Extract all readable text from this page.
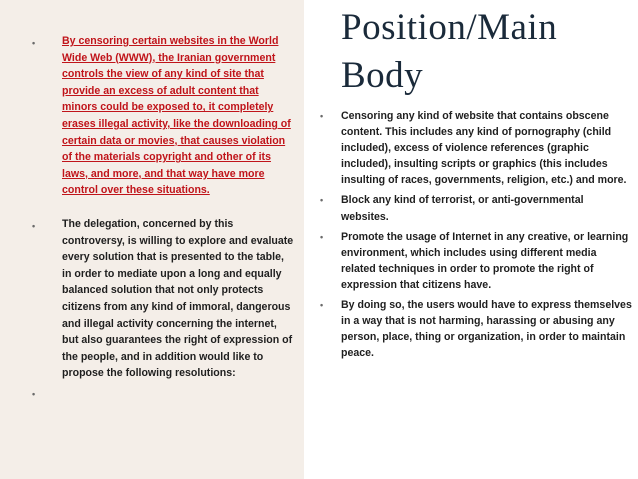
•	By censoring certain websites in the World Wide Web (WWW), the Iranian government controls the view of any kind of site that provide an excess of adult content that minors could be exposed to, it completely erases illegal activity, like the downloading of certain data or movies, that causes violation of the materials copyright and other of its laws, and more, and that way have more control over these situations.
•	The delegation, concerned by this controversy, is willing to explore and evaluate every solution that is presented to the table, in order to mediate upon a long and equally balanced solution that not only protects citizens from any kind of immoral, dangerous and illegal activity concerning the internet, but also guarantees the right of expression of the people, and in addition would like to propose the following resolutions:
•
Position/Main Body
• Censoring any kind of website that contains obscene content. This includes any kind of pornography (child included), excess of violence references (graphic included), insulting scripts or graphics (this includes insulting of races, governments, religion, etc.) and more.
• Block any kind of terrorist, or anti-governmental websites.
• Promote the usage of Internet in any creative, or learning environment, which includes using different media related techniques in order to promote the right of expression that citizens have.
• By doing so, the users would have to express themselves in a way that is not harming, harassing or abusing any person, place, thing or organization, in order to maintain peace.
